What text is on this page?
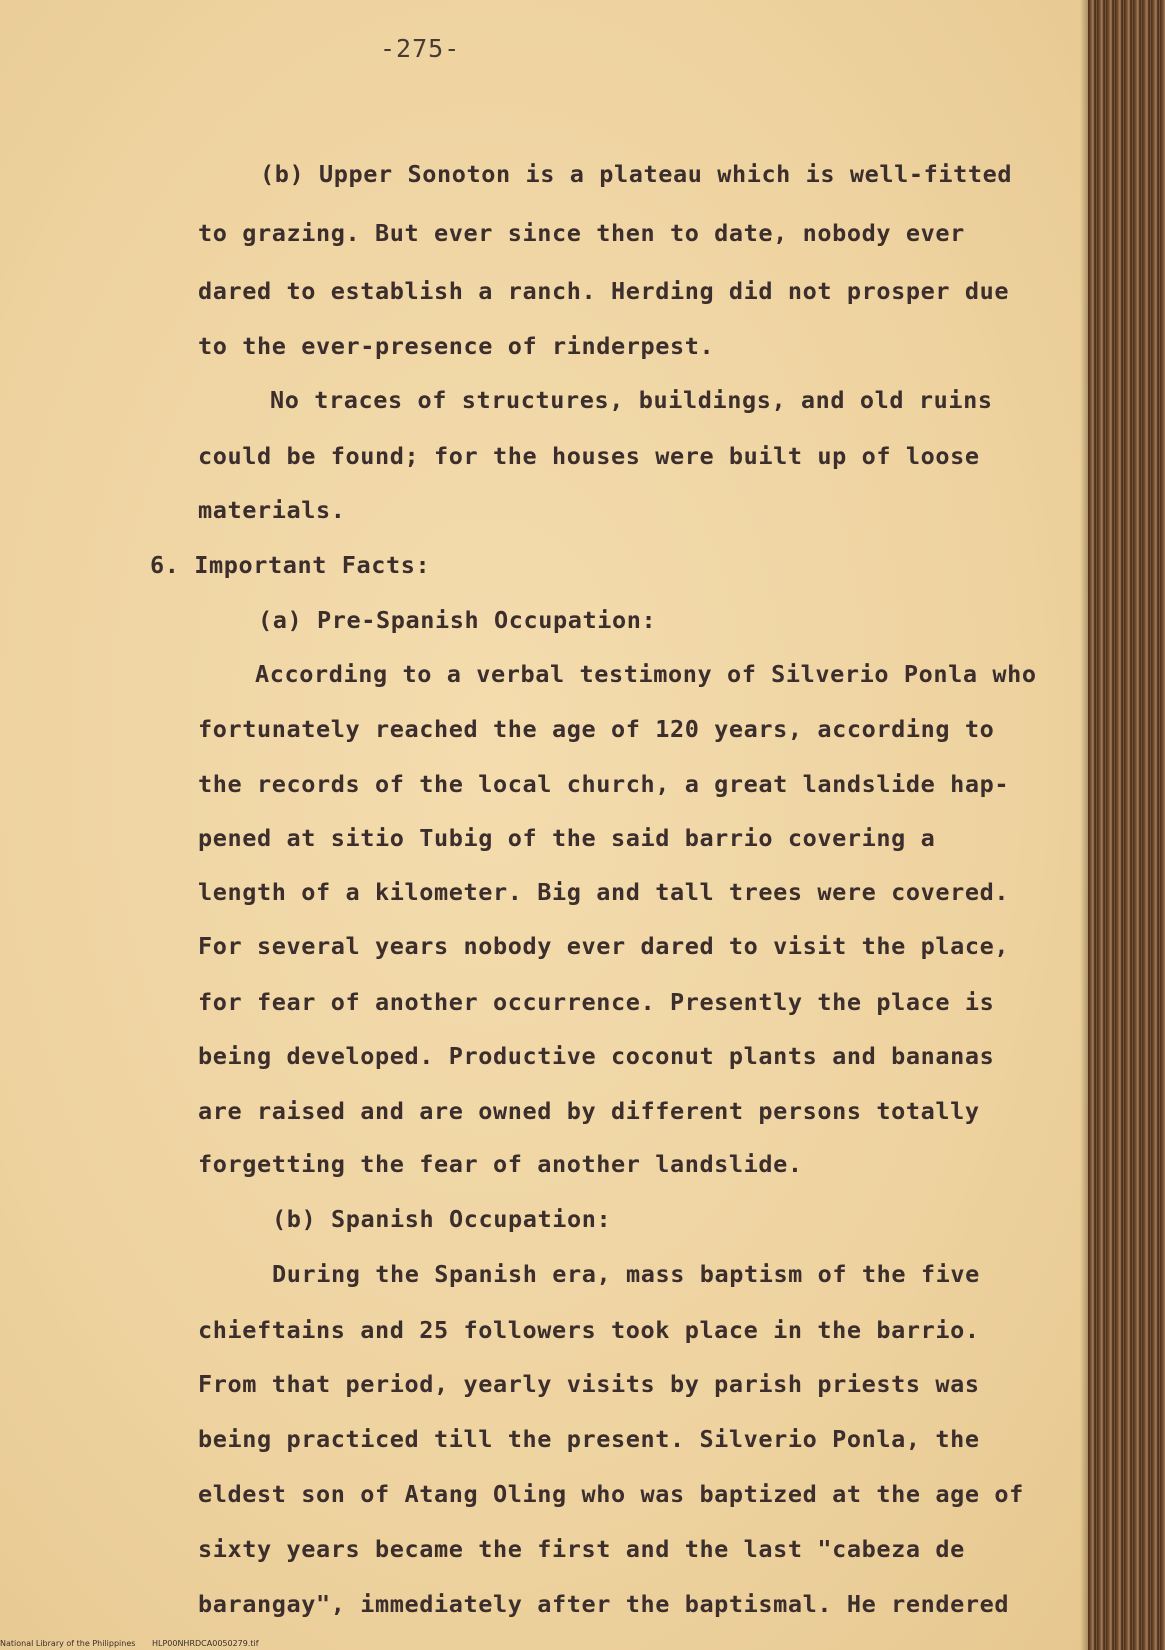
-275-

(b) Upper Sonoton is a plateau which is well-fitted

to grazing. But ever since then to date, nobody ever

dared to establish a ranch. Herding did not prosper due

to the ever-presence of rinderpest.

No traces of structures, buildings, and old ruins

could be found; for the houses were built up of loose

materials.

6. Important Facts:

(a) Pre-Spanish Occupation:

According to a verbal testimony of Silverio Ponla who

fortunately reached the age of 120 years, according to

the records of the local church, a great landslide hap-

pened at sitio Tubig of the said barrio covering a

length of a kilometer. Big and tall trees were covered.

For several years nobody ever dared to visit the place,

for fear of another occurrence. Presently the place is

being developed. Productive coconut plants and bananas

are raised and are owned by different persons totally

forgetting the fear of another landslide.

(b) Spanish Occupation:

During the Spanish era, mass baptism of the five

chieftains and 25 followers took place in the barrio.

From that period, yearly visits by parish priests was

being practiced till the present. Silverio Ponla, the

eldest son of Atang Oling who was baptized at the age of

sixty years became the first and the last "cabeza de

barangay", immediately after the baptismal. He rendered

National Library of the Philippines HLP00NHRDCA0050279.tif
